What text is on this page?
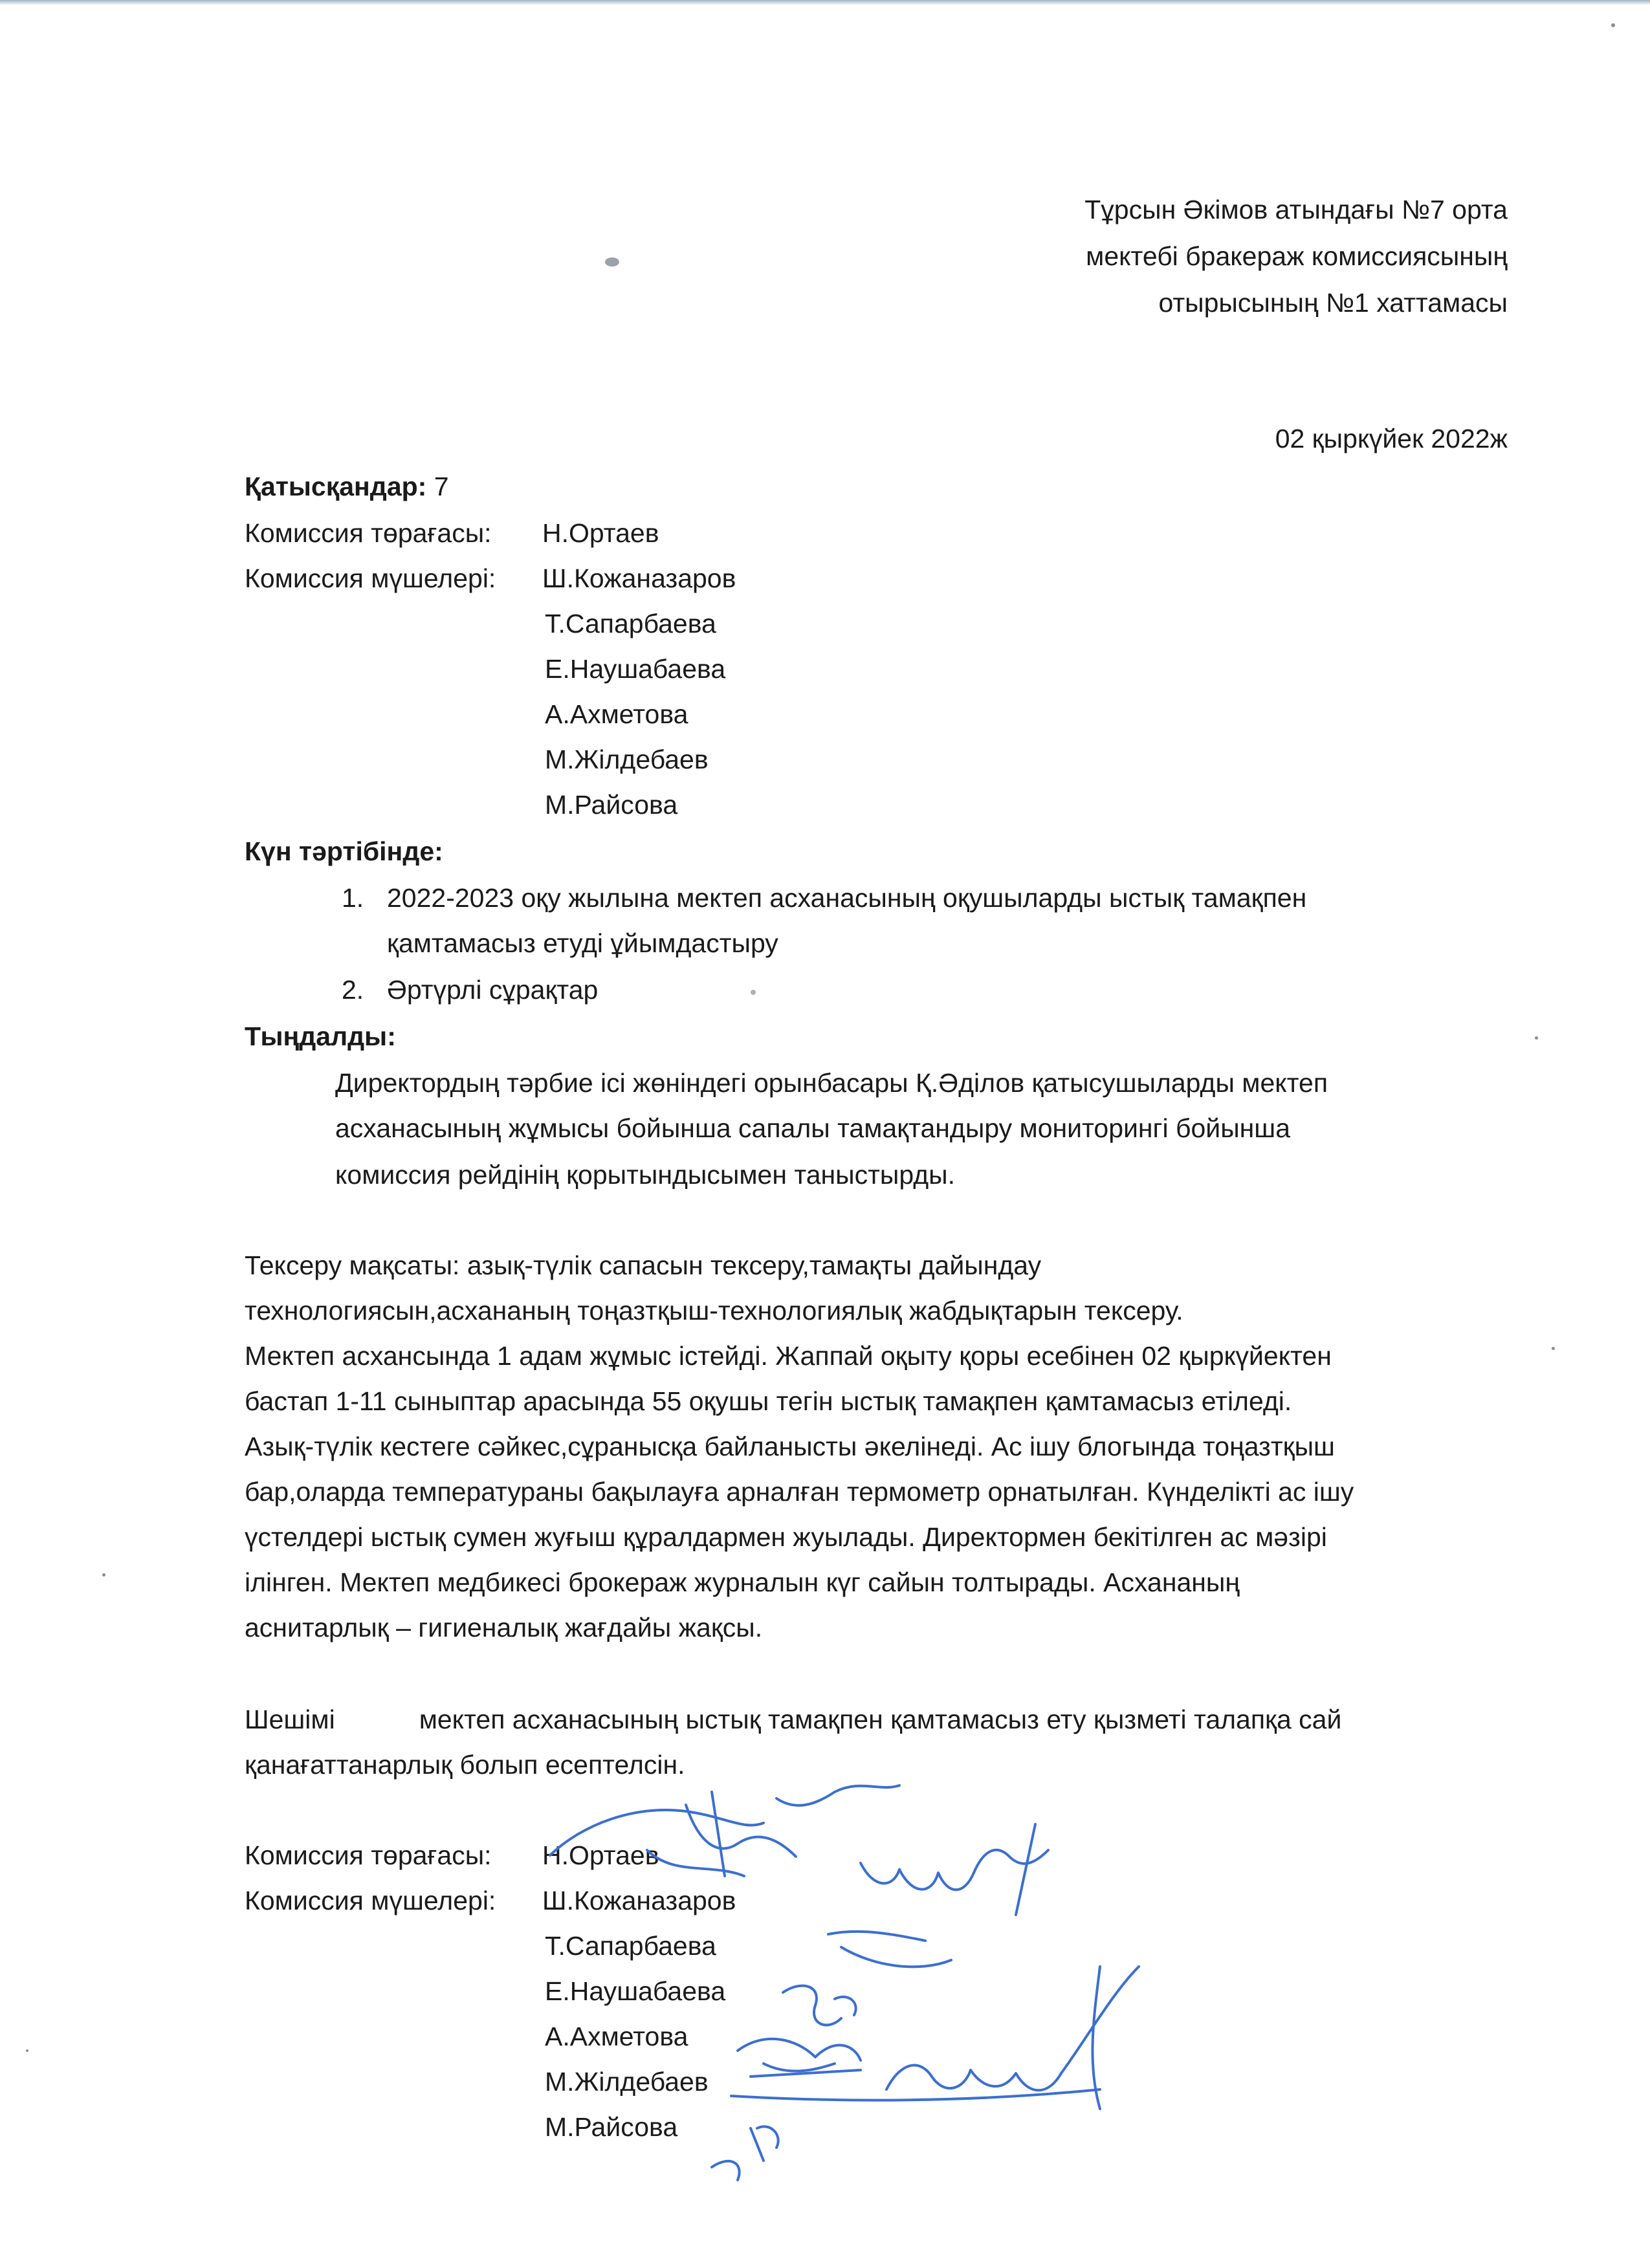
Тұрсын Әкімов атындағы №7 орта
мектебі бракераж комиссиясының
отырысының №1 хаттамасы
02 қыркүйек 2022ж
Қатысқандар: 7
Комиссия төрағасы: Н.Ортаев
Комиссия мүшелері: Ш.Кожаназаров
Т.Сапарбаева
Е.Наушабаева
А.Ахметова
М.Жілдебаев
М.Райсова
Күн тәртібінде:
1. 2022-2023 оқу жылына мектеп асханасының оқушыларды ыстық тамақпен
қамтамасыз етуді ұйымдастыру
2. Әртүрлі сұрақтар
Тыңдалды:
Директордың тәрбие ісі жөніндегі орынбасары Қ.Әділов қатысушыларды мектеп
асханасының жұмысы бойынша сапалы тамақтандыру мониторингі бойынша
комиссия рейдінің қорытындысымен таныстырды.
Тексеру мақсаты: азық-түлік сапасын тексеру,тамақты дайындау
технологиясын,асхананың тоңазтқыш-технологиялық жабдықтарын тексеру.
Мектеп асхансында 1 адам жұмыс істейді. Жаппай оқыту қоры есебінен 02 қыркүйектен
бастап 1-11 сыныптар арасында 55 оқушы тегін ыстық тамақпен қамтамасыз етіледі.
Азық-түлік кестеге сәйкес,сұранысқа байланысты әкелінеді. Ас ішу блогында тоңазтқыш
бар,оларда температураны бақылауға арналған термометр орнатылған. Күнделікті ас ішу
үстелдері ыстық сумен жуғыш құралдармен жуылады. Директормен бекітілген ас мәзірі
ілінген. Мектеп медбикесі брокераж журналын күг сайын толтырады. Асхананың
аснитарлық – гигиеналық жағдайы жақсы.
Шешімі	мектеп асханасының ыстық тамақпен қамтамасыз ету қызметі талапқа сай
қанағаттанарлық болып есептелсін.
Комиссия төрағасы: Н.Ортаев
Комиссия мүшелері: Ш.Кожаназаров
Т.Сапарбаева
Е.Наушабаева
А.Ахметова
М.Жілдебаев
М.Райсова
